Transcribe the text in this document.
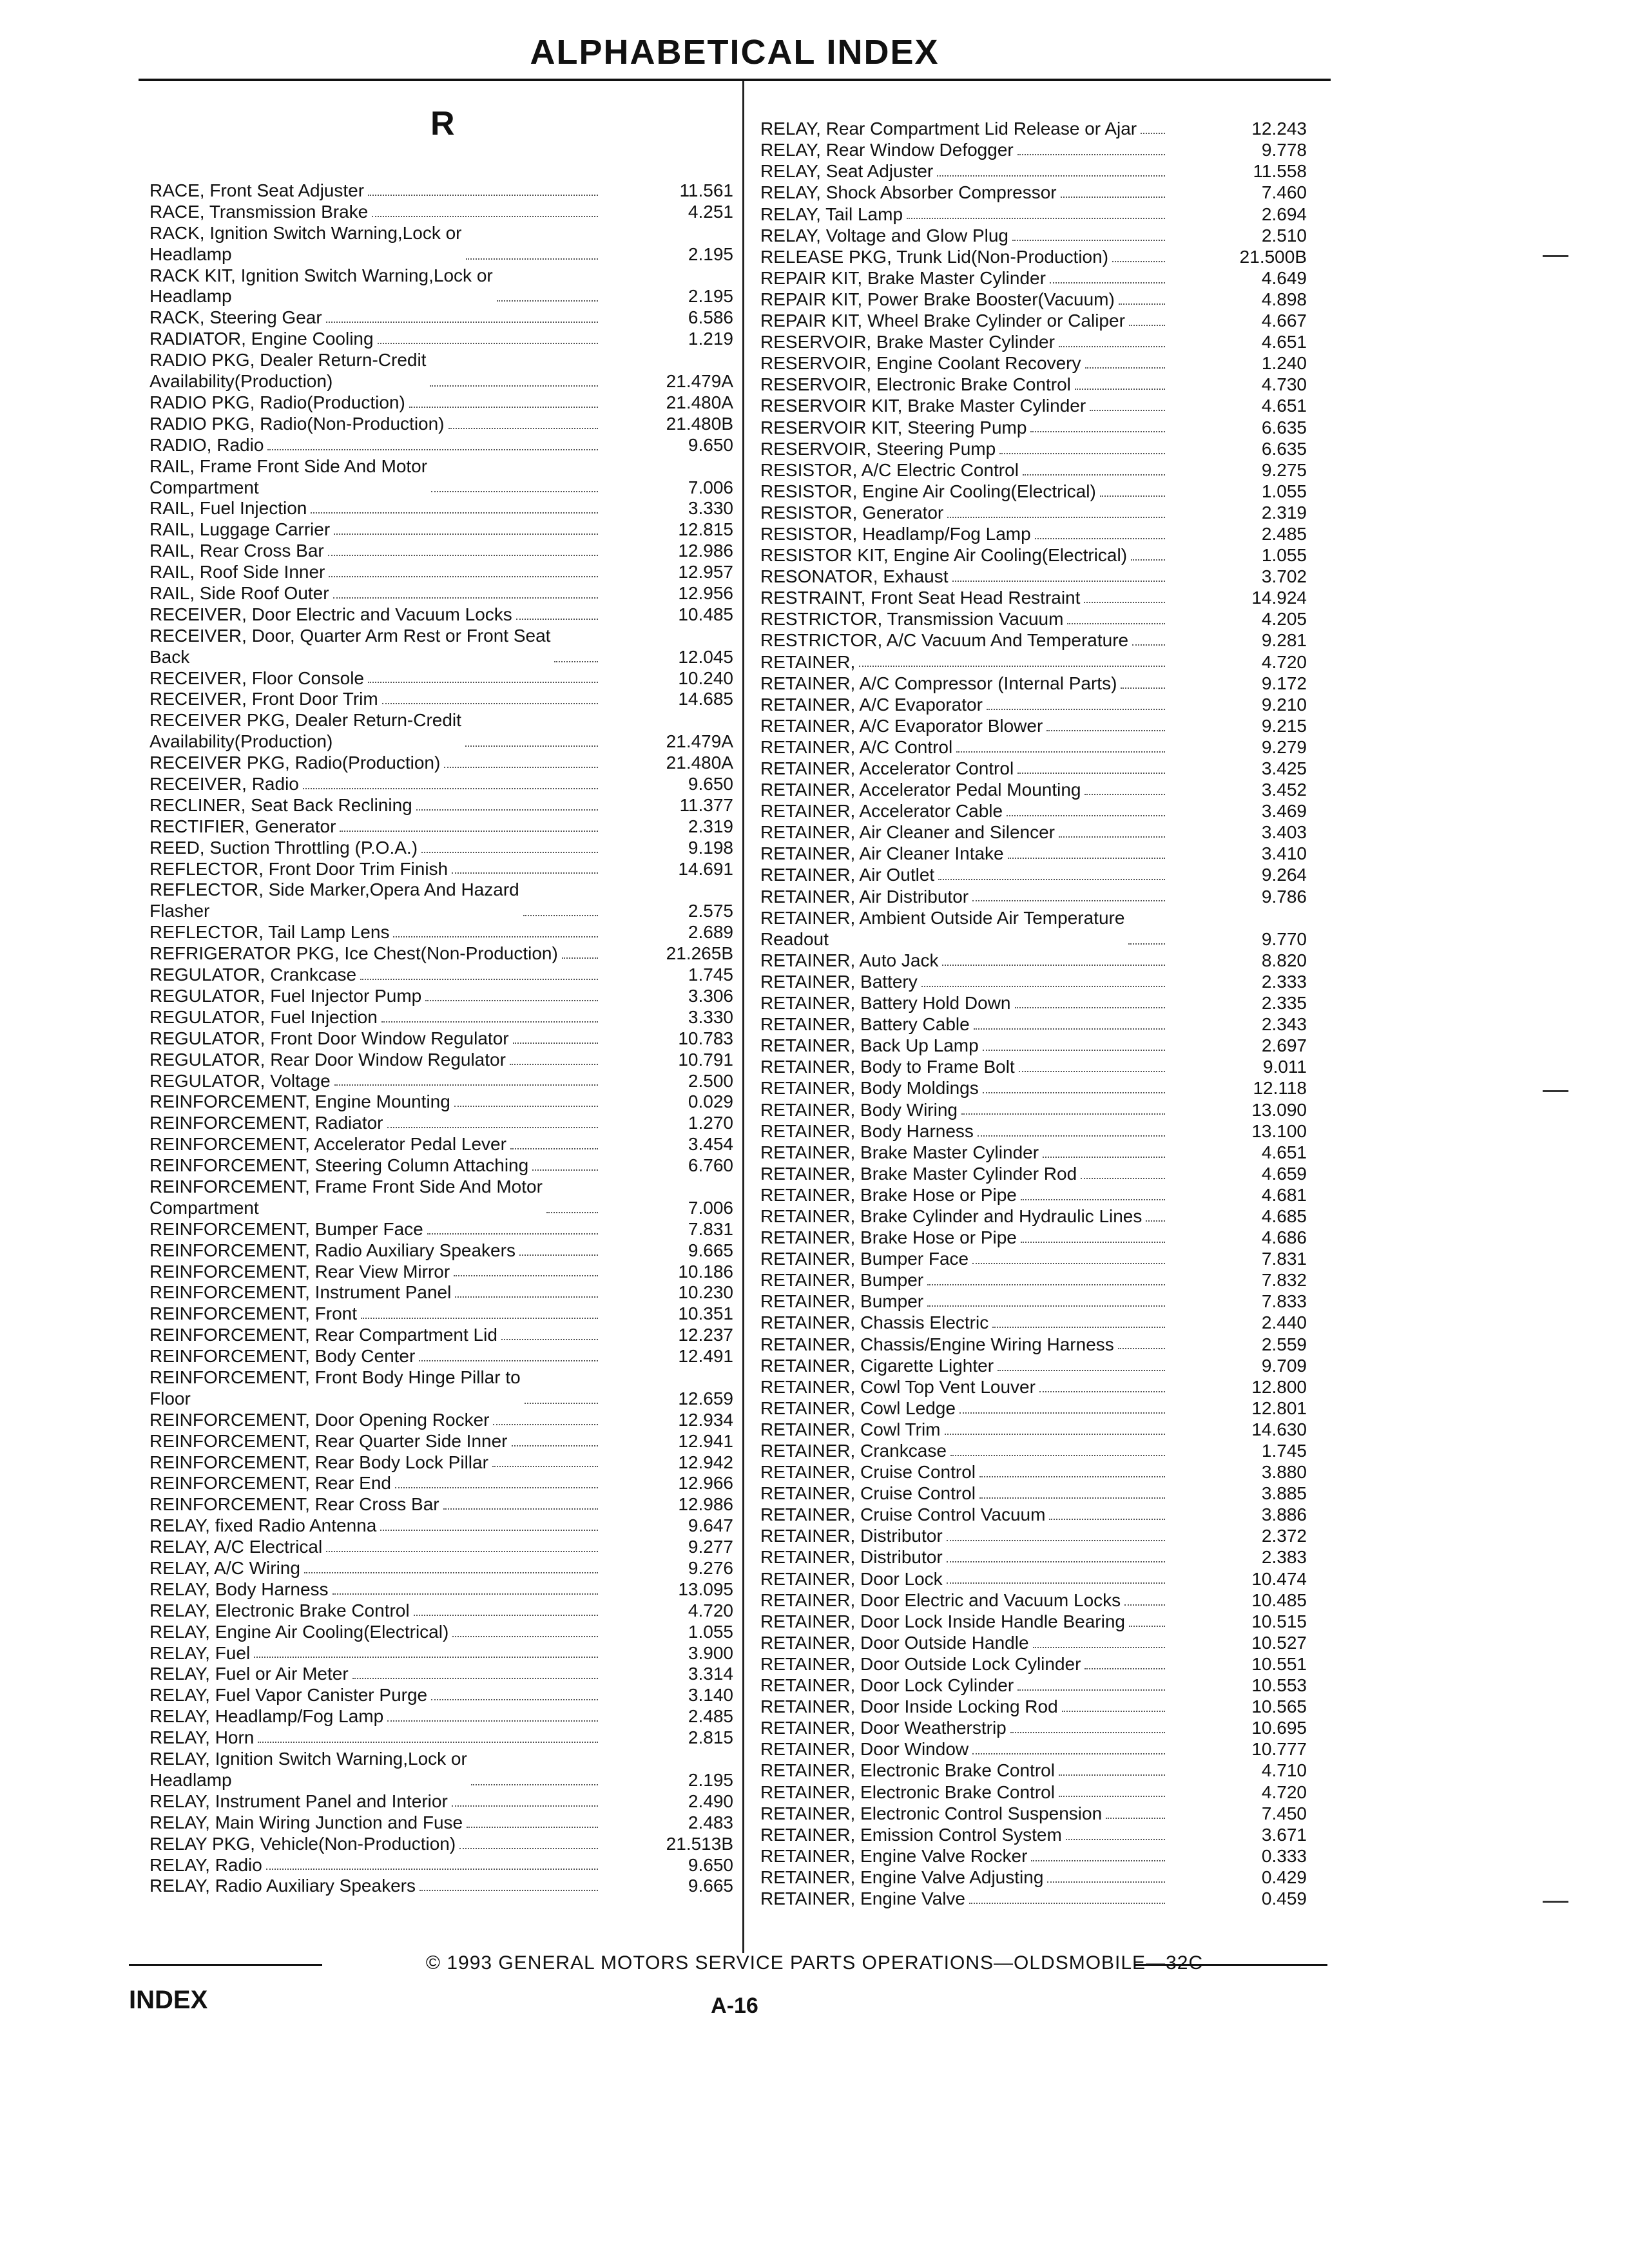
ALPHABETICAL INDEX
R
RACE, Front Seat Adjuster	11.561
RACE, Transmission Brake	4.251
RACK, Ignition Switch Warning,Lock or
Headlamp	2.195
RACK KIT, Ignition Switch Warning,Lock or
Headlamp	2.195
RACK, Steering Gear	6.586
RADIATOR, Engine Cooling	1.219
RADIO PKG, Dealer Return-Credit
Availability(Production)	21.479A
RADIO PKG, Radio(Production)	21.480A
RADIO PKG, Radio(Non-Production)	21.480B
RADIO, Radio	9.650
RAIL, Frame Front Side And Motor
Compartment	7.006
RAIL, Fuel Injection	3.330
RAIL, Luggage Carrier	12.815
RAIL, Rear Cross Bar	12.986
RAIL, Roof Side Inner	12.957
RAIL, Side Roof Outer	12.956
RECEIVER, Door Electric and Vacuum Locks	10.485
RECEIVER, Door, Quarter Arm Rest or Front Seat
Back	12.045
RECEIVER, Floor Console	10.240
RECEIVER, Front Door Trim	14.685
RECEIVER PKG, Dealer Return-Credit
Availability(Production)	21.479A
RECEIVER PKG, Radio(Production)	21.480A
RECEIVER, Radio	9.650
RECLINER, Seat Back Reclining	11.377
RECTIFIER, Generator	2.319
REED, Suction Throttling (P.O.A.)	9.198
REFLECTOR, Front Door Trim Finish	14.691
REFLECTOR, Side Marker,Opera And Hazard
Flasher	2.575
REFLECTOR, Tail Lamp Lens	2.689
REFRIGERATOR PKG, Ice Chest(Non-Production)	21.265B
REGULATOR, Crankcase	1.745
REGULATOR, Fuel Injector Pump	3.306
REGULATOR, Fuel Injection	3.330
REGULATOR, Front Door Window Regulator	10.783
REGULATOR, Rear Door Window Regulator	10.791
REGULATOR, Voltage	2.500
REINFORCEMENT, Engine Mounting	0.029
REINFORCEMENT, Radiator	1.270
REINFORCEMENT, Accelerator Pedal Lever	3.454
REINFORCEMENT, Steering Column Attaching	6.760
REINFORCEMENT, Frame Front Side And Motor
Compartment	7.006
REINFORCEMENT, Bumper Face	7.831
REINFORCEMENT, Radio Auxiliary Speakers	9.665
REINFORCEMENT, Rear View Mirror	10.186
REINFORCEMENT, Instrument Panel	10.230
REINFORCEMENT, Front	10.351
REINFORCEMENT, Rear Compartment Lid	12.237
REINFORCEMENT, Body Center	12.491
REINFORCEMENT, Front Body Hinge Pillar to
Floor	12.659
REINFORCEMENT, Door Opening Rocker	12.934
REINFORCEMENT, Rear Quarter Side Inner	12.941
REINFORCEMENT, Rear Body Lock Pillar	12.942
REINFORCEMENT, Rear End	12.966
REINFORCEMENT, Rear Cross Bar	12.986
RELAY, fixed Radio Antenna	9.647
RELAY, A/C Electrical	9.277
RELAY, A/C Wiring	9.276
RELAY, Body Harness	13.095
RELAY, Electronic Brake Control	4.720
RELAY, Engine Air Cooling(Electrical)	1.055
RELAY, Fuel	3.900
RELAY, Fuel or Air Meter	3.314
RELAY, Fuel Vapor Canister Purge	3.140
RELAY, Headlamp/Fog Lamp	2.485
RELAY, Horn	2.815
RELAY, Ignition Switch Warning,Lock or
Headlamp	2.195
RELAY, Instrument Panel and Interior	2.490
RELAY, Main Wiring Junction and Fuse	2.483
RELAY PKG, Vehicle(Non-Production)	21.513B
RELAY, Radio	9.650
RELAY, Radio Auxiliary Speakers	9.665
RELAY, Rear Compartment Lid Release or Ajar	12.243
RELAY, Rear Window Defogger	9.778
RELAY, Seat Adjuster	11.558
RELAY, Shock Absorber Compressor	7.460
RELAY, Tail Lamp	2.694
RELAY, Voltage and Glow Plug	2.510
RELEASE PKG, Trunk Lid(Non-Production)	21.500B
REPAIR KIT, Brake Master Cylinder	4.649
REPAIR KIT, Power Brake Booster(Vacuum)	4.898
REPAIR KIT, Wheel Brake Cylinder or Caliper	4.667
RESERVOIR, Brake Master Cylinder	4.651
RESERVOIR, Engine Coolant Recovery	1.240
RESERVOIR, Electronic Brake Control	4.730
RESERVOIR KIT, Brake Master Cylinder	4.651
RESERVOIR KIT, Steering Pump	6.635
RESERVOIR, Steering Pump	6.635
RESISTOR, A/C Electric Control	9.275
RESISTOR, Engine Air Cooling(Electrical)	1.055
RESISTOR, Generator	2.319
RESISTOR, Headlamp/Fog Lamp	2.485
RESISTOR KIT, Engine Air Cooling(Electrical)	1.055
RESONATOR, Exhaust	3.702
RESTRAINT, Front Seat Head Restraint	14.924
RESTRICTOR, Transmission Vacuum	4.205
RESTRICTOR, A/C Vacuum And Temperature	9.281
RETAINER,	4.720
RETAINER, A/C Compressor (Internal Parts)	9.172
RETAINER, A/C Evaporator	9.210
RETAINER, A/C Evaporator Blower	9.215
RETAINER, A/C Control	9.279
RETAINER, Accelerator Control	3.425
RETAINER, Accelerator Pedal Mounting	3.452
RETAINER, Accelerator Cable	3.469
RETAINER, Air Cleaner and Silencer	3.403
RETAINER, Air Cleaner Intake	3.410
RETAINER, Air Outlet	9.264
RETAINER, Air Distributor	9.786
RETAINER, Ambient Outside Air Temperature
Readout	9.770
RETAINER, Auto Jack	8.820
RETAINER, Battery	2.333
RETAINER, Battery Hold Down	2.335
RETAINER, Battery Cable	2.343
RETAINER, Back Up Lamp	2.697
RETAINER, Body to Frame Bolt	9.011
RETAINER, Body Moldings	12.118
RETAINER, Body Wiring	13.090
RETAINER, Body Harness	13.100
RETAINER, Brake Master Cylinder	4.651
RETAINER, Brake Master Cylinder Rod	4.659
RETAINER, Brake Hose or Pipe	4.681
RETAINER, Brake Cylinder and Hydraulic Lines	4.685
RETAINER, Brake Hose or Pipe	4.686
RETAINER, Bumper Face	7.831
RETAINER, Bumper	7.832
RETAINER, Bumper	7.833
RETAINER, Chassis Electric	2.440
RETAINER, Chassis/Engine Wiring Harness	2.559
RETAINER, Cigarette Lighter	9.709
RETAINER, Cowl Top Vent Louver	12.800
RETAINER, Cowl Ledge	12.801
RETAINER, Cowl Trim	14.630
RETAINER, Crankcase	1.745
RETAINER, Cruise Control	3.880
RETAINER, Cruise Control	3.885
RETAINER, Cruise Control Vacuum	3.886
RETAINER, Distributor	2.372
RETAINER, Distributor	2.383
RETAINER, Door Lock	10.474
RETAINER, Door Electric and Vacuum Locks	10.485
RETAINER, Door Lock Inside Handle Bearing	10.515
RETAINER, Door Outside Handle	10.527
RETAINER, Door Outside Lock Cylinder	10.551
RETAINER, Door Lock Cylinder	10.553
RETAINER, Door Inside Locking Rod	10.565
RETAINER, Door Weatherstrip	10.695
RETAINER, Door Window	10.777
RETAINER, Electronic Brake Control	4.710
RETAINER, Electronic Brake Control	4.720
RETAINER, Electronic Control Suspension	7.450
RETAINER, Emission Control System	3.671
RETAINER, Engine Valve Rocker	0.333
RETAINER, Engine Valve Adjusting	0.429
RETAINER, Engine Valve	0.459
© 1993 GENERAL MOTORS SERVICE PARTS OPERATIONS—OLDSMOBILE—32C
INDEX	A-16
